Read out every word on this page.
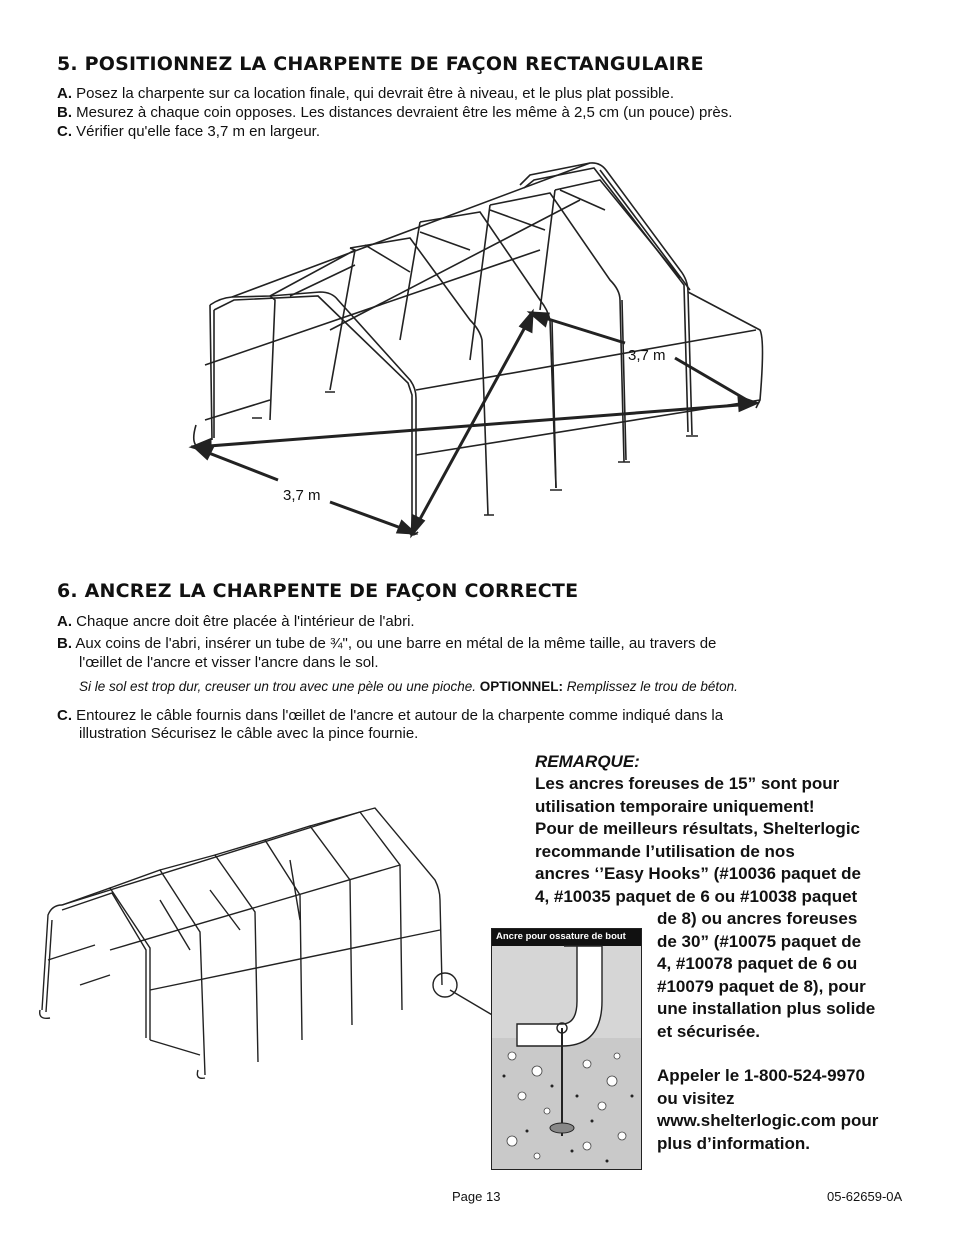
5. POSITIONNEZ LA CHARPENTE DE FAÇON RECTANGULAIRE
A. Posez la charpente sur ca location finale, qui devrait être à niveau, et le plus plat possible.
B. Mesurez à chaque coin opposes. Les distances devraient être les même à 2,5 cm (un pouce) près.
C. Vérifier qu'elle face 3,7 m en largeur.
3,7 m
3,7 m
6. ANCREZ LA CHARPENTE DE FAÇON CORRECTE
A. Chaque ancre doit être placée à l'intérieur de l'abri.
B. Aux coins de l'abri, insérer un tube de ¾", ou une barre en métal de la même taille, au travers de
l'œillet de l'ancre et visser l'ancre dans le sol.
Si le sol est trop dur, creuser un trou avec une pèle ou une pioche. OPTIONNEL: Remplissez le trou de béton.
C. Entourez le câble fournis dans l'œillet de l'ancre et autour de la charpente comme indiqué dans la
illustration Sécurisez le câble avec la pince fournie.
Ancre pour ossature de bout
REMARQUE:
Les ancres foreuses de 15” sont pour
utilisation temporaire uniquement!
Pour de meilleurs résultats, Shelterlogic
recommande l’utilisation de nos
ancres ‘’Easy Hooks” (#10036 paquet de
4, #10035 paquet de 6 ou #10038 paquet
de 8) ou ancres foreuses
de 30” (#10075 paquet de
4, #10078 paquet de 6 ou
#10079 paquet de 8), pour
une installation plus solide
et sécurisée.
Appeler le 1-800-524-9970
ou visitez
www.shelterlogic.com pour
plus d’information.
Page 13	05-62659-0A
